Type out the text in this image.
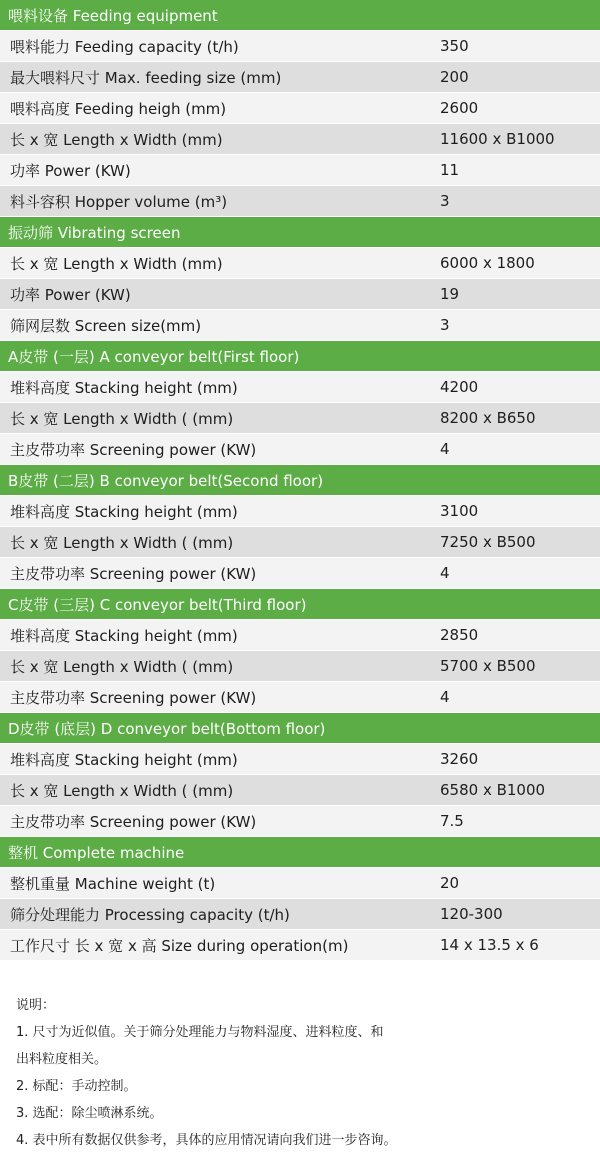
喂料设备 Feeding equipment
喂料能力 Feeding capacity (t/h)	350
最大喂料尺寸 Max. feeding size (mm)	200
喂料高度 Feeding heigh (mm)	2600
长 x 宽 Length x Width (mm)	11600 x B1000
功率 Power (KW)	11
料斗容积 Hopper volume (m³)	3
振动筛 Vibrating screen
长 x 宽 Length x Width (mm)	6000 x 1800
功率 Power (KW)	19
筛网层数 Screen size(mm)	3
A皮带 (一层) A conveyor belt(First floor)
堆料高度 Stacking height (mm)	4200
长 x 宽 Length x Width ( (mm)	8200 x B650
主皮带功率 Screening power (KW)	4
B皮带 (二层) B conveyor belt(Second floor)
堆料高度 Stacking height (mm)	3100
长 x 宽 Length x Width ( (mm)	7250 x B500
主皮带功率 Screening power (KW)	4
C皮带 (三层) C conveyor belt(Third floor)
堆料高度 Stacking height (mm)	2850
长 x 宽 Length x Width ( (mm)	5700 x B500
主皮带功率 Screening power (KW)	4
D皮带 (底层) D conveyor belt(Bottom floor)
堆料高度 Stacking height (mm)	3260
长 x 宽 Length x Width ( (mm)	6580 x B1000
主皮带功率 Screening power (KW)	7.5
整机 Complete machine
整机重量 Machine weight (t)	20
筛分处理能力 Processing capacity (t/h)	120-300
工作尺寸 长 x 宽 x 高 Size during operation(m)	14 x 13.5 x 6
说明：
1. 尺寸为近似值。关于筛分处理能力与物料湿度、进料粒度、和
出料粒度相关。
2. 标配：手动控制。
3. 选配：除尘喷淋系统。
4. 表中所有数据仅供参考，具体的应用情况请向我们进一步咨询。
